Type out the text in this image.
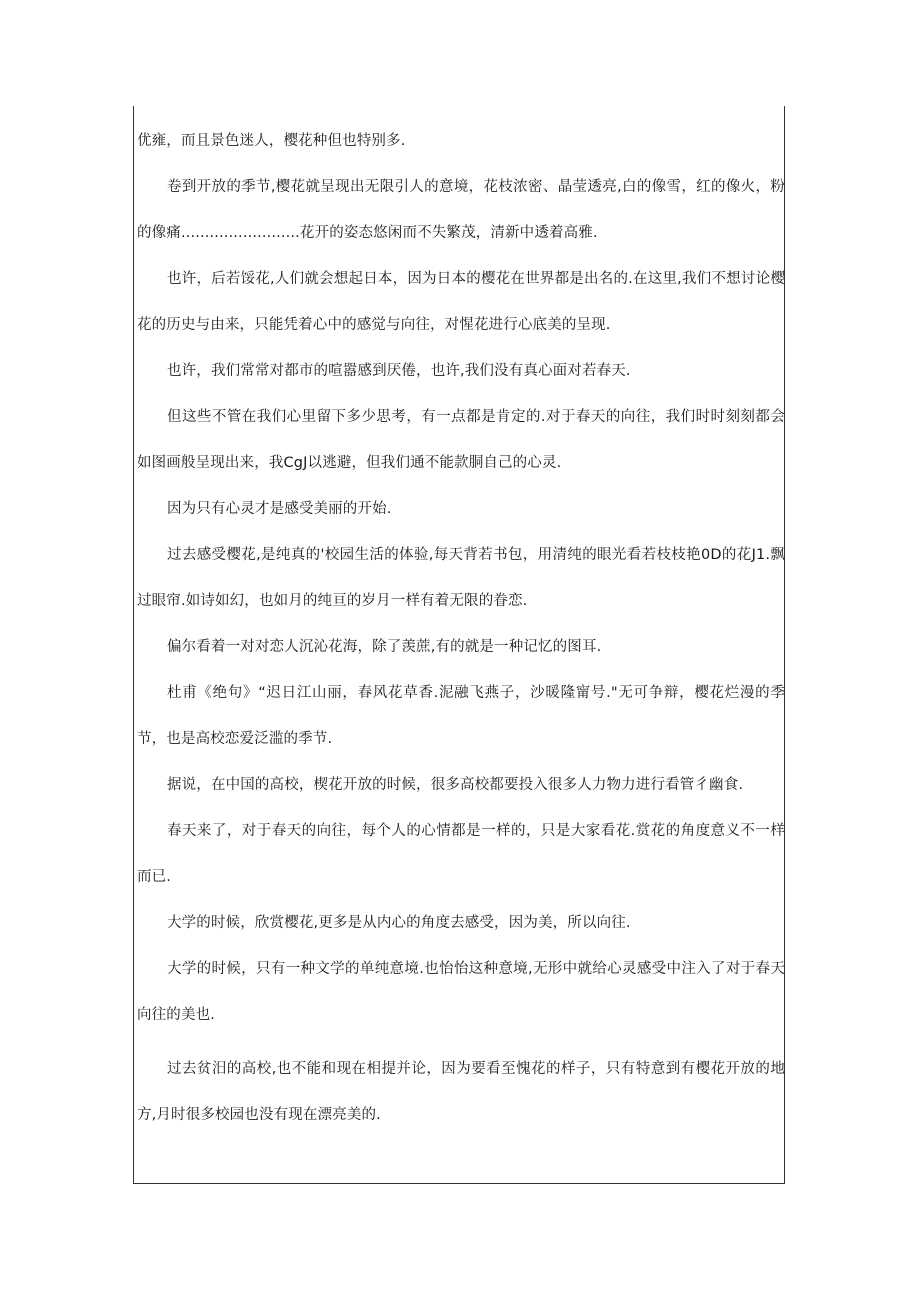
优雍，而且景色迷人，樱花种但也特别多.

卷到开放的季节,樱花就呈现出无限引人的意境，花枝浓密、晶莹透亮,白的像雪，红的像火，粉的像痛.........................花开的姿态悠闲而不失繁茂，清新中透着高雅.

也许，后若馁花,人们就会想起日本，因为日本的樱花在世界都是出名的.在这里,我们不想讨论樱花的历史与由来，只能凭着心中的感觉与向往，对惺花进行心底美的呈现.

也许，我们常常对都市的喧嚣感到厌倦，也许,我们没有真心面对若春天.

但这些不管在我们心里留下多少思考，有一点都是肯定的.对于春天的向往，我们时时刻刻都会如图画般呈现出来，我CgJ以逃避，但我们通不能款胴自己的心灵.

因为只有心灵才是感受美丽的开始.

过去感受樱花,是纯真的'校园生活的体验,每天背若书包，用清纯的眼光看若枝枝艳0D的花J1.飘过眼帘.如诗如幻，也如月的纯亘的岁月一样有着无限的眷恋.

偏尔看着一对对恋人沉沁花海，除了羡蔗,有的就是一种记忆的图耳.

杜甫《绝句》“迟日江山丽，春风花草香.泥融飞燕子，沙暖隆甯号."无可争辩，樱花烂漫的季节，也是高校恋爱泛滥的季节.

据说，在中国的高校，楔花开放的时候，很多高校都要投入很多人力物力进行看管彳幽食.

春天来了，对于春天的向往，每个人的心情都是一样的，只是大家看花.赏花的角度意义不一样而已.

大学的时候，欣赏樱花,更多是从内心的角度去感受，因为美，所以向往.

大学的时候，只有一种文学的单纯意境.也怡怡这种意境,无形中就给心灵感受中注入了对于春天向往的美也.

过去贫汨的高校,也不能和现在相提并论，因为要看至愧花的样子，只有特意到有樱花开放的地方,月时很多校园也没有现在漂亮美的.
